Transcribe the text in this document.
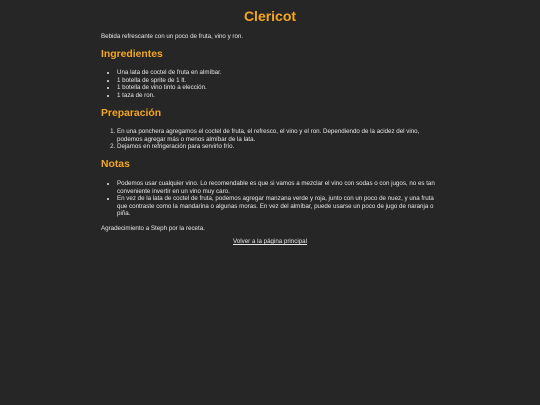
Clericot

Bebida refrescante con un poco de fruta, vino y ron.

Ingredientes
• Una lata de coctel de fruta en almíbar.
• 1 botella de sprite de 1 lt.
• 1 botella de vino tinto a elección.
• 1 taza de ron.
Preparación
1. En una ponchera agregamos el coctel de fruta, el refresco, el vino y el ron. Dependiendo de la acidez del vino, podemos agregar más o menos almíbar de la lata.
2. Dejamos en refrigeración para servirlo frío.
Notas
• Podemos usar cualquier vino. Lo recomendable es que si vamos a mezclar el vino con sodas o con jugos, no es tan conveniente invertir en un vino muy caro.
• En vez de la lata de coctel de fruta, podemos agregar manzana verde y roja, junto con un poco de nuez, y una fruta que contraste como la mandarina o algunas moras. En vez del almíbar, puede usarse un poco de jugo de naranja o piña.

Agradecimiento a Steph por la receta.

Volver a la página principal
